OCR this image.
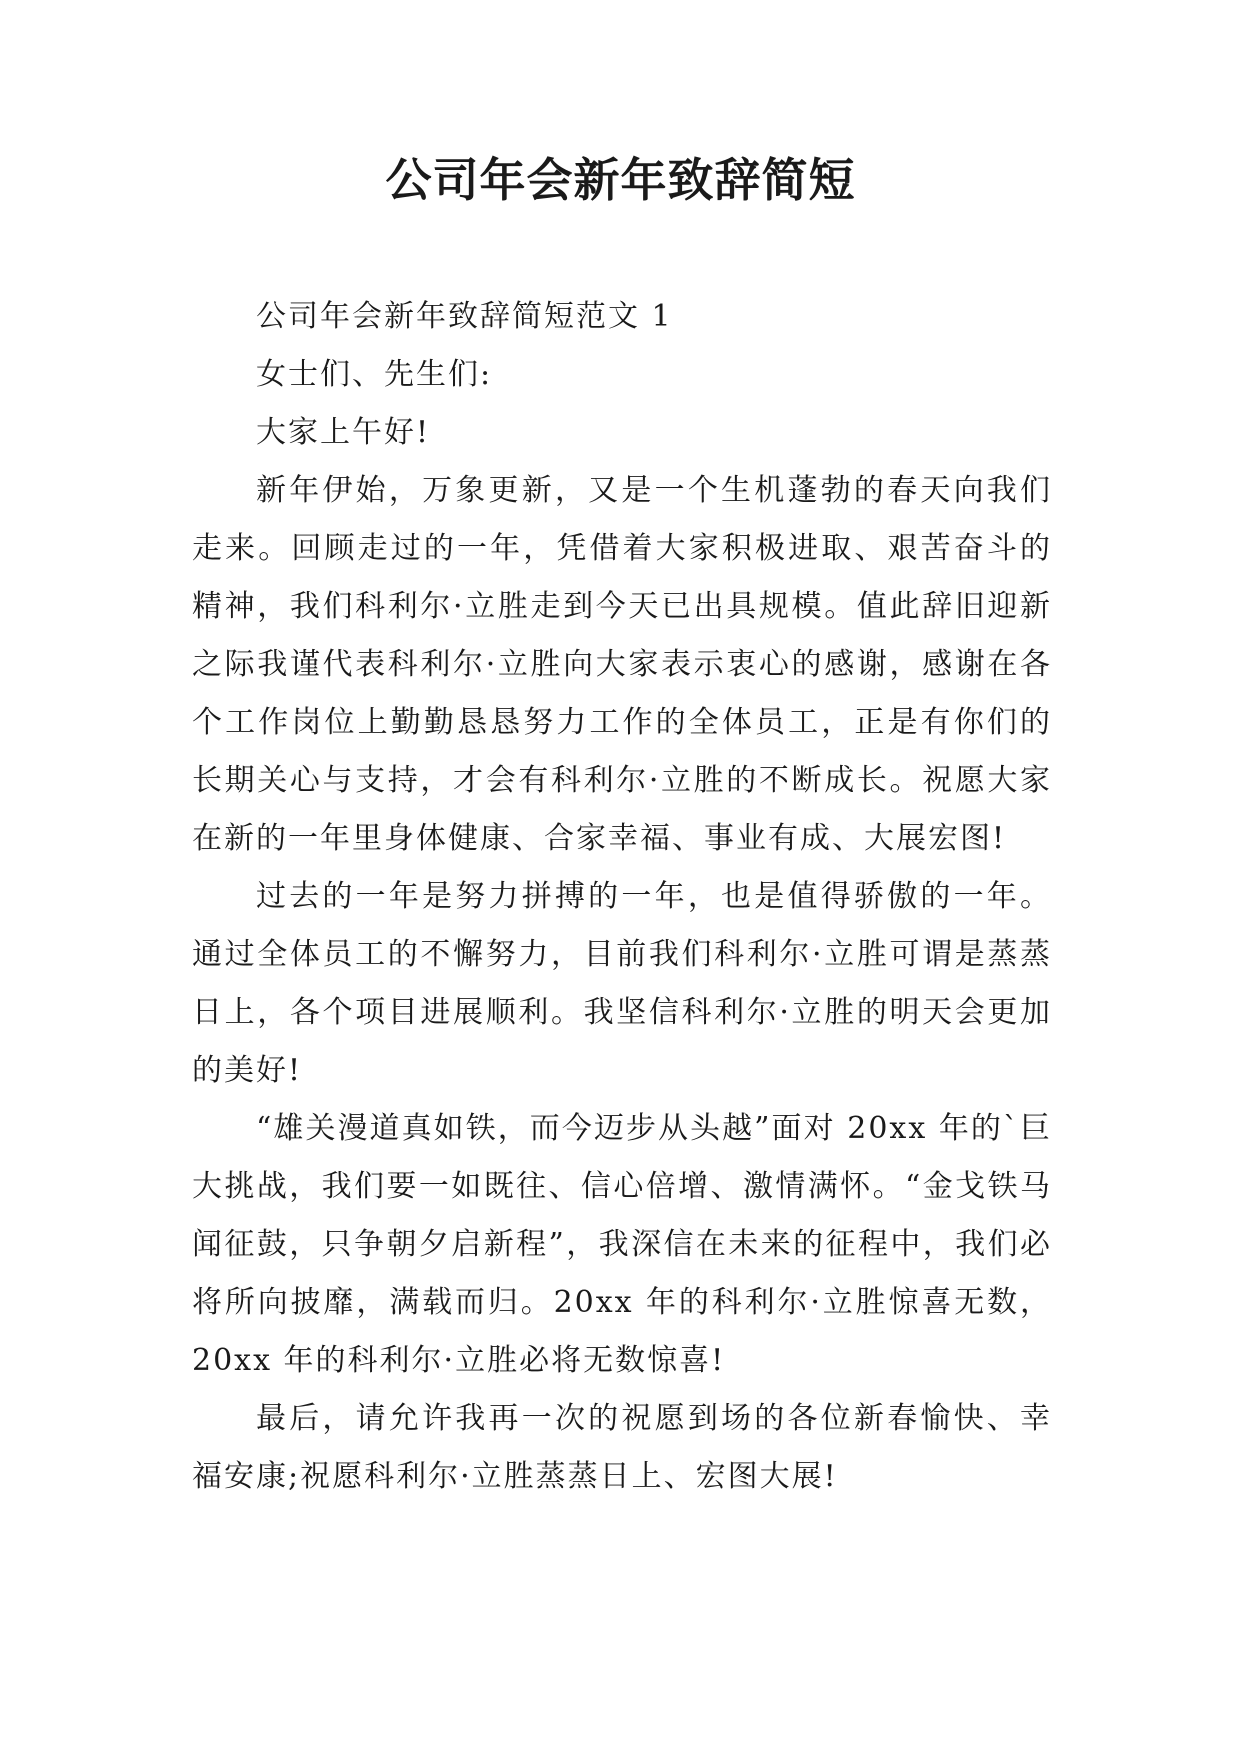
公司年会新年致辞简短

公司年会新年致辞简短范文 1

女士们、先生们:

大家上午好!

新年伊始，万象更新，又是一个生机蓬勃的春天向我们走来。回顾走过的一年，凭借着大家积极进取、艰苦奋斗的精神，我们科利尔·立胜走到今天已出具规模。值此辞旧迎新之际我谨代表科利尔·立胜向大家表示衷心的感谢，感谢在各个工作岗位上勤勤恳恳努力工作的全体员工，正是有你们的长期关心与支持，才会有科利尔·立胜的不断成长。祝愿大家在新的一年里身体健康、合家幸福、事业有成、大展宏图!

过去的一年是努力拼搏的一年，也是值得骄傲的一年。通过全体员工的不懈努力，目前我们科利尔·立胜可谓是蒸蒸日上，各个项目进展顺利。我坚信科利尔·立胜的明天会更加的美好!

“雄关漫道真如铁，而今迈步从头越”面对 20xx 年的`巨大挑战，我们要一如既往、信心倍增、激情满怀。“金戈铁马闻征鼓，只争朝夕启新程”，我深信在未来的征程中，我们必将所向披靡，满载而归。20xx 年的科利尔·立胜惊喜无数，20xx 年的科利尔·立胜必将无数惊喜!

最后，请允许我再一次的祝愿到场的各位新春愉快、幸福安康;祝愿科利尔·立胜蒸蒸日上、宏图大展!
